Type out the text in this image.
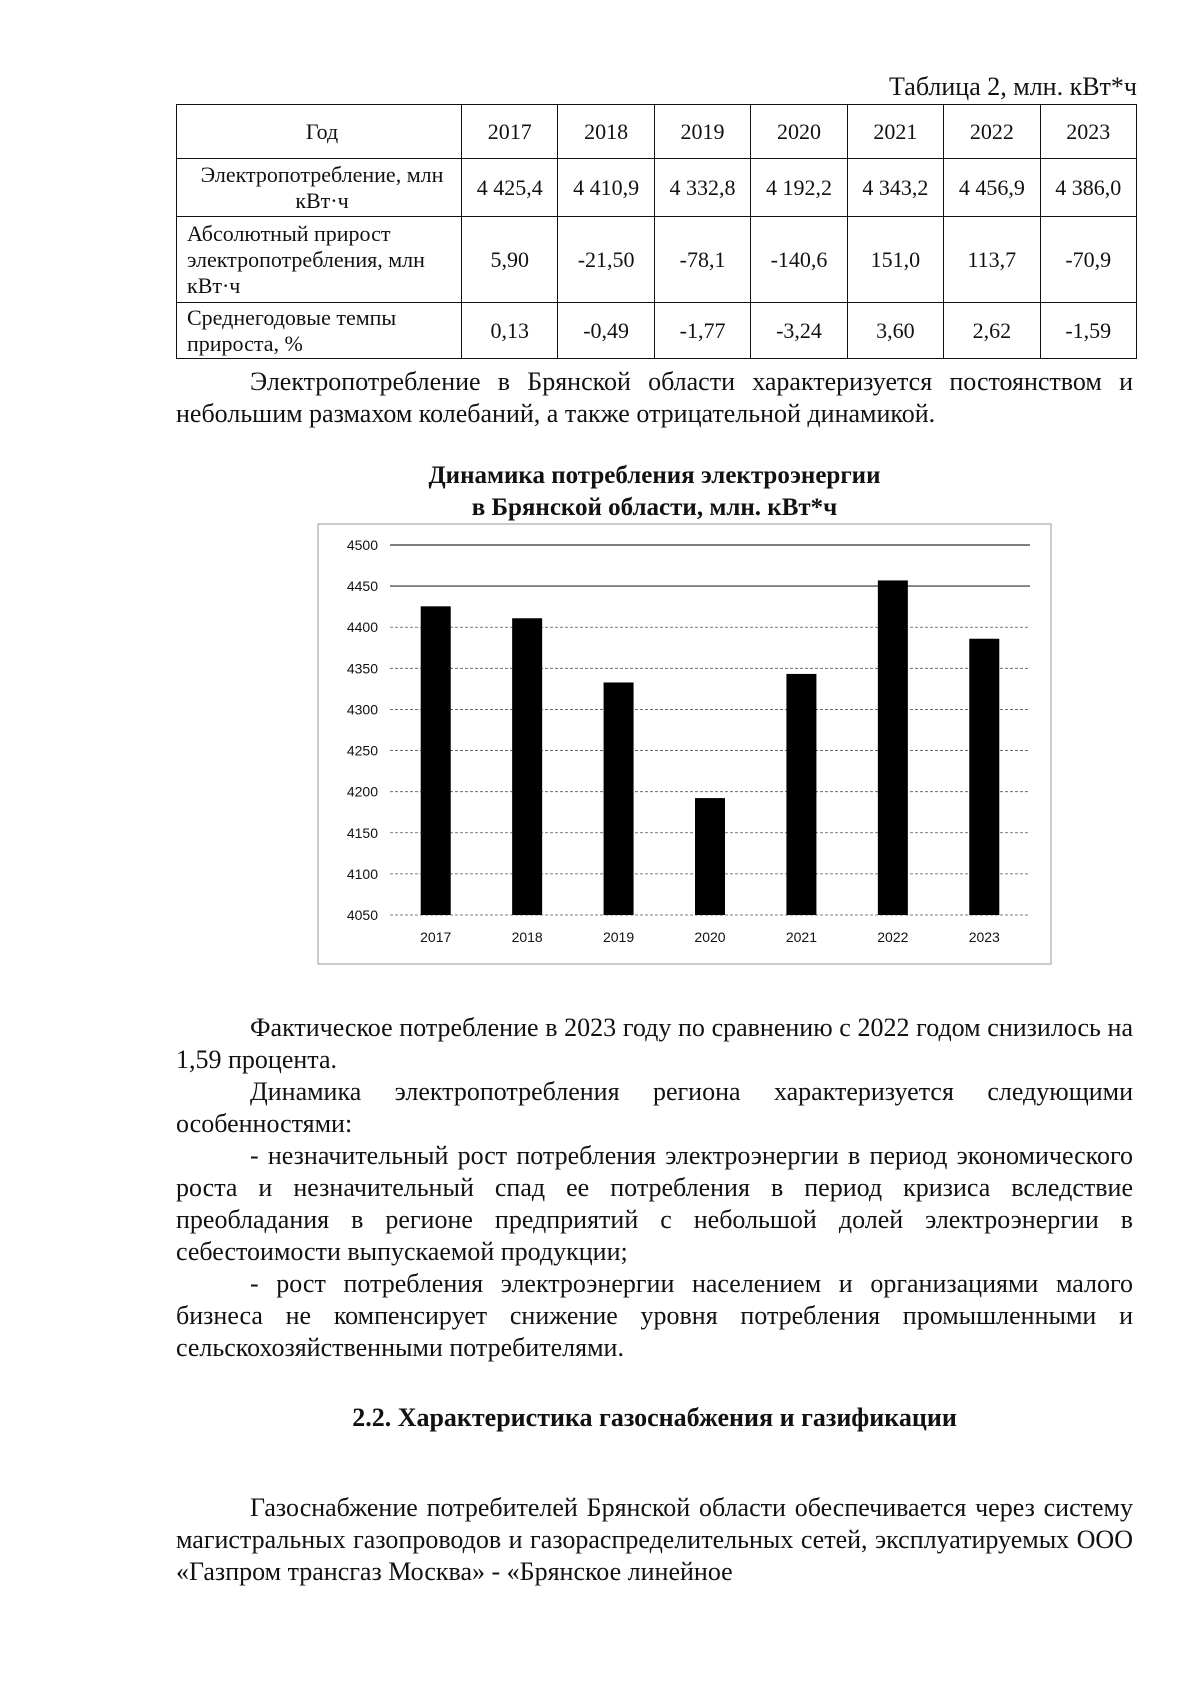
Таблица 2, млн. кВт*ч
Год	2017	2018	2019	2020	2021	2022	2023
Электропотребление, млн кВт·ч	4 425,4	4 410,9	4 332,8	4 192,2	4 343,2	4 456,9	4 386,0
Абсолютный прирост электропотребления, млн кВт·ч	5,90	-21,50	-78,1	-140,6	151,0	113,7	-70,9
Среднегодовые темпы прироста, %	0,13	-0,49	-1,77	-3,24	3,60	2,62	-1,59

Электропотребление в Брянской области характеризуется постоянством и небольшим размахом колебаний, а также отрицательной динамикой.

Динамика потребления электроэнергии
в Брянской области, млн. кВт*ч
4050
4100
4150
4200
4250
4300
4350
4400
4450
4500
2017	2018	2019	2020	2021	2022	2023

Фактическое потребление в 2023 году по сравнению с 2022 годом снизилось на 1,59 процента.

Динамика электропотребления региона характеризуется следующими особенностями:

- незначительный рост потребления электроэнергии в период экономического роста и незначительный спад ее потребления в период кризиса вследствие преобладания в регионе предприятий с небольшой долей электроэнергии в себестоимости выпускаемой продукции;

- рост потребления электроэнергии населением и организациями малого бизнеса не компенсирует снижение уровня потребления промышленными и сельскохозяйственными потребителями.

2.2. Характеристика газоснабжения и газификации

Газоснабжение потребителей Брянской области обеспечивается через систему магистральных газопроводов и газораспределительных сетей, эксплуатируемых ООО «Газпром трансгаз Москва» - «Брянское линейное
